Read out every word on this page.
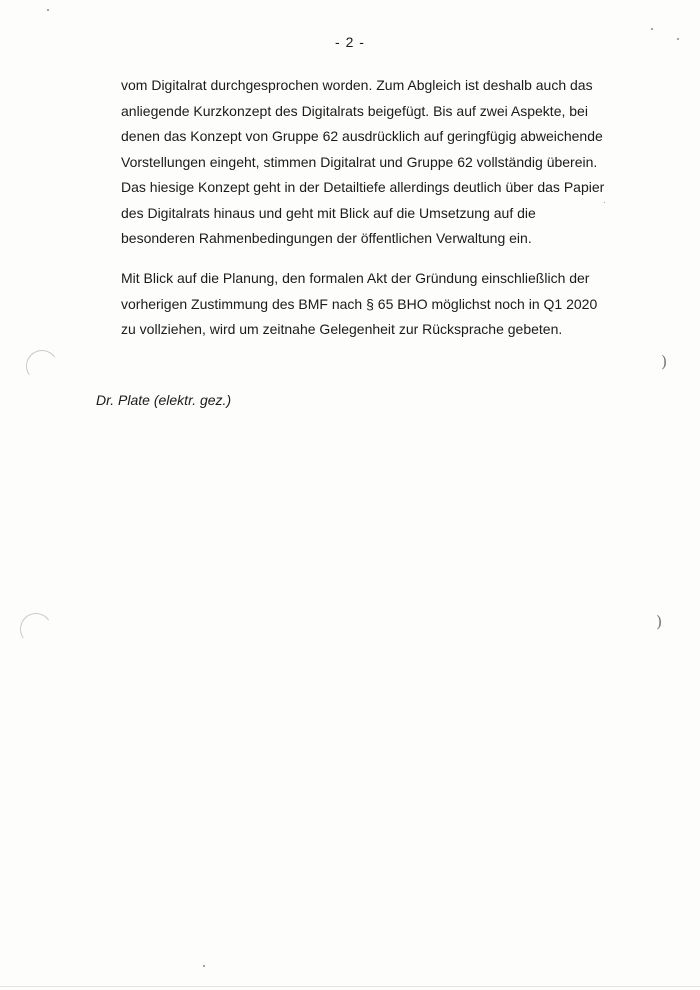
- 2 -
vom Digitalrat durchgesprochen worden. Zum Abgleich ist deshalb auch das
anliegende Kurzkonzept des Digitalrats beigefügt. Bis auf zwei Aspekte, bei
denen das Konzept von Gruppe 62 ausdrücklich auf geringfügig abweichende
Vorstellungen eingeht, stimmen Digitalrat und Gruppe 62 vollständig überein.
Das hiesige Konzept geht in der Detailtiefe allerdings deutlich über das Papier
des Digitalrats hinaus und geht mit Blick auf die Umsetzung auf die
besonderen Rahmenbedingungen der öffentlichen Verwaltung ein.
Mit Blick auf die Planung, den formalen Akt der Gründung einschließlich der
vorherigen Zustimmung des BMF nach § 65 BHO möglichst noch in Q1 2020
zu vollziehen, wird um zeitnahe Gelegenheit zur Rücksprache gebeten.
Dr. Plate (elektr. gez.)
)
)
